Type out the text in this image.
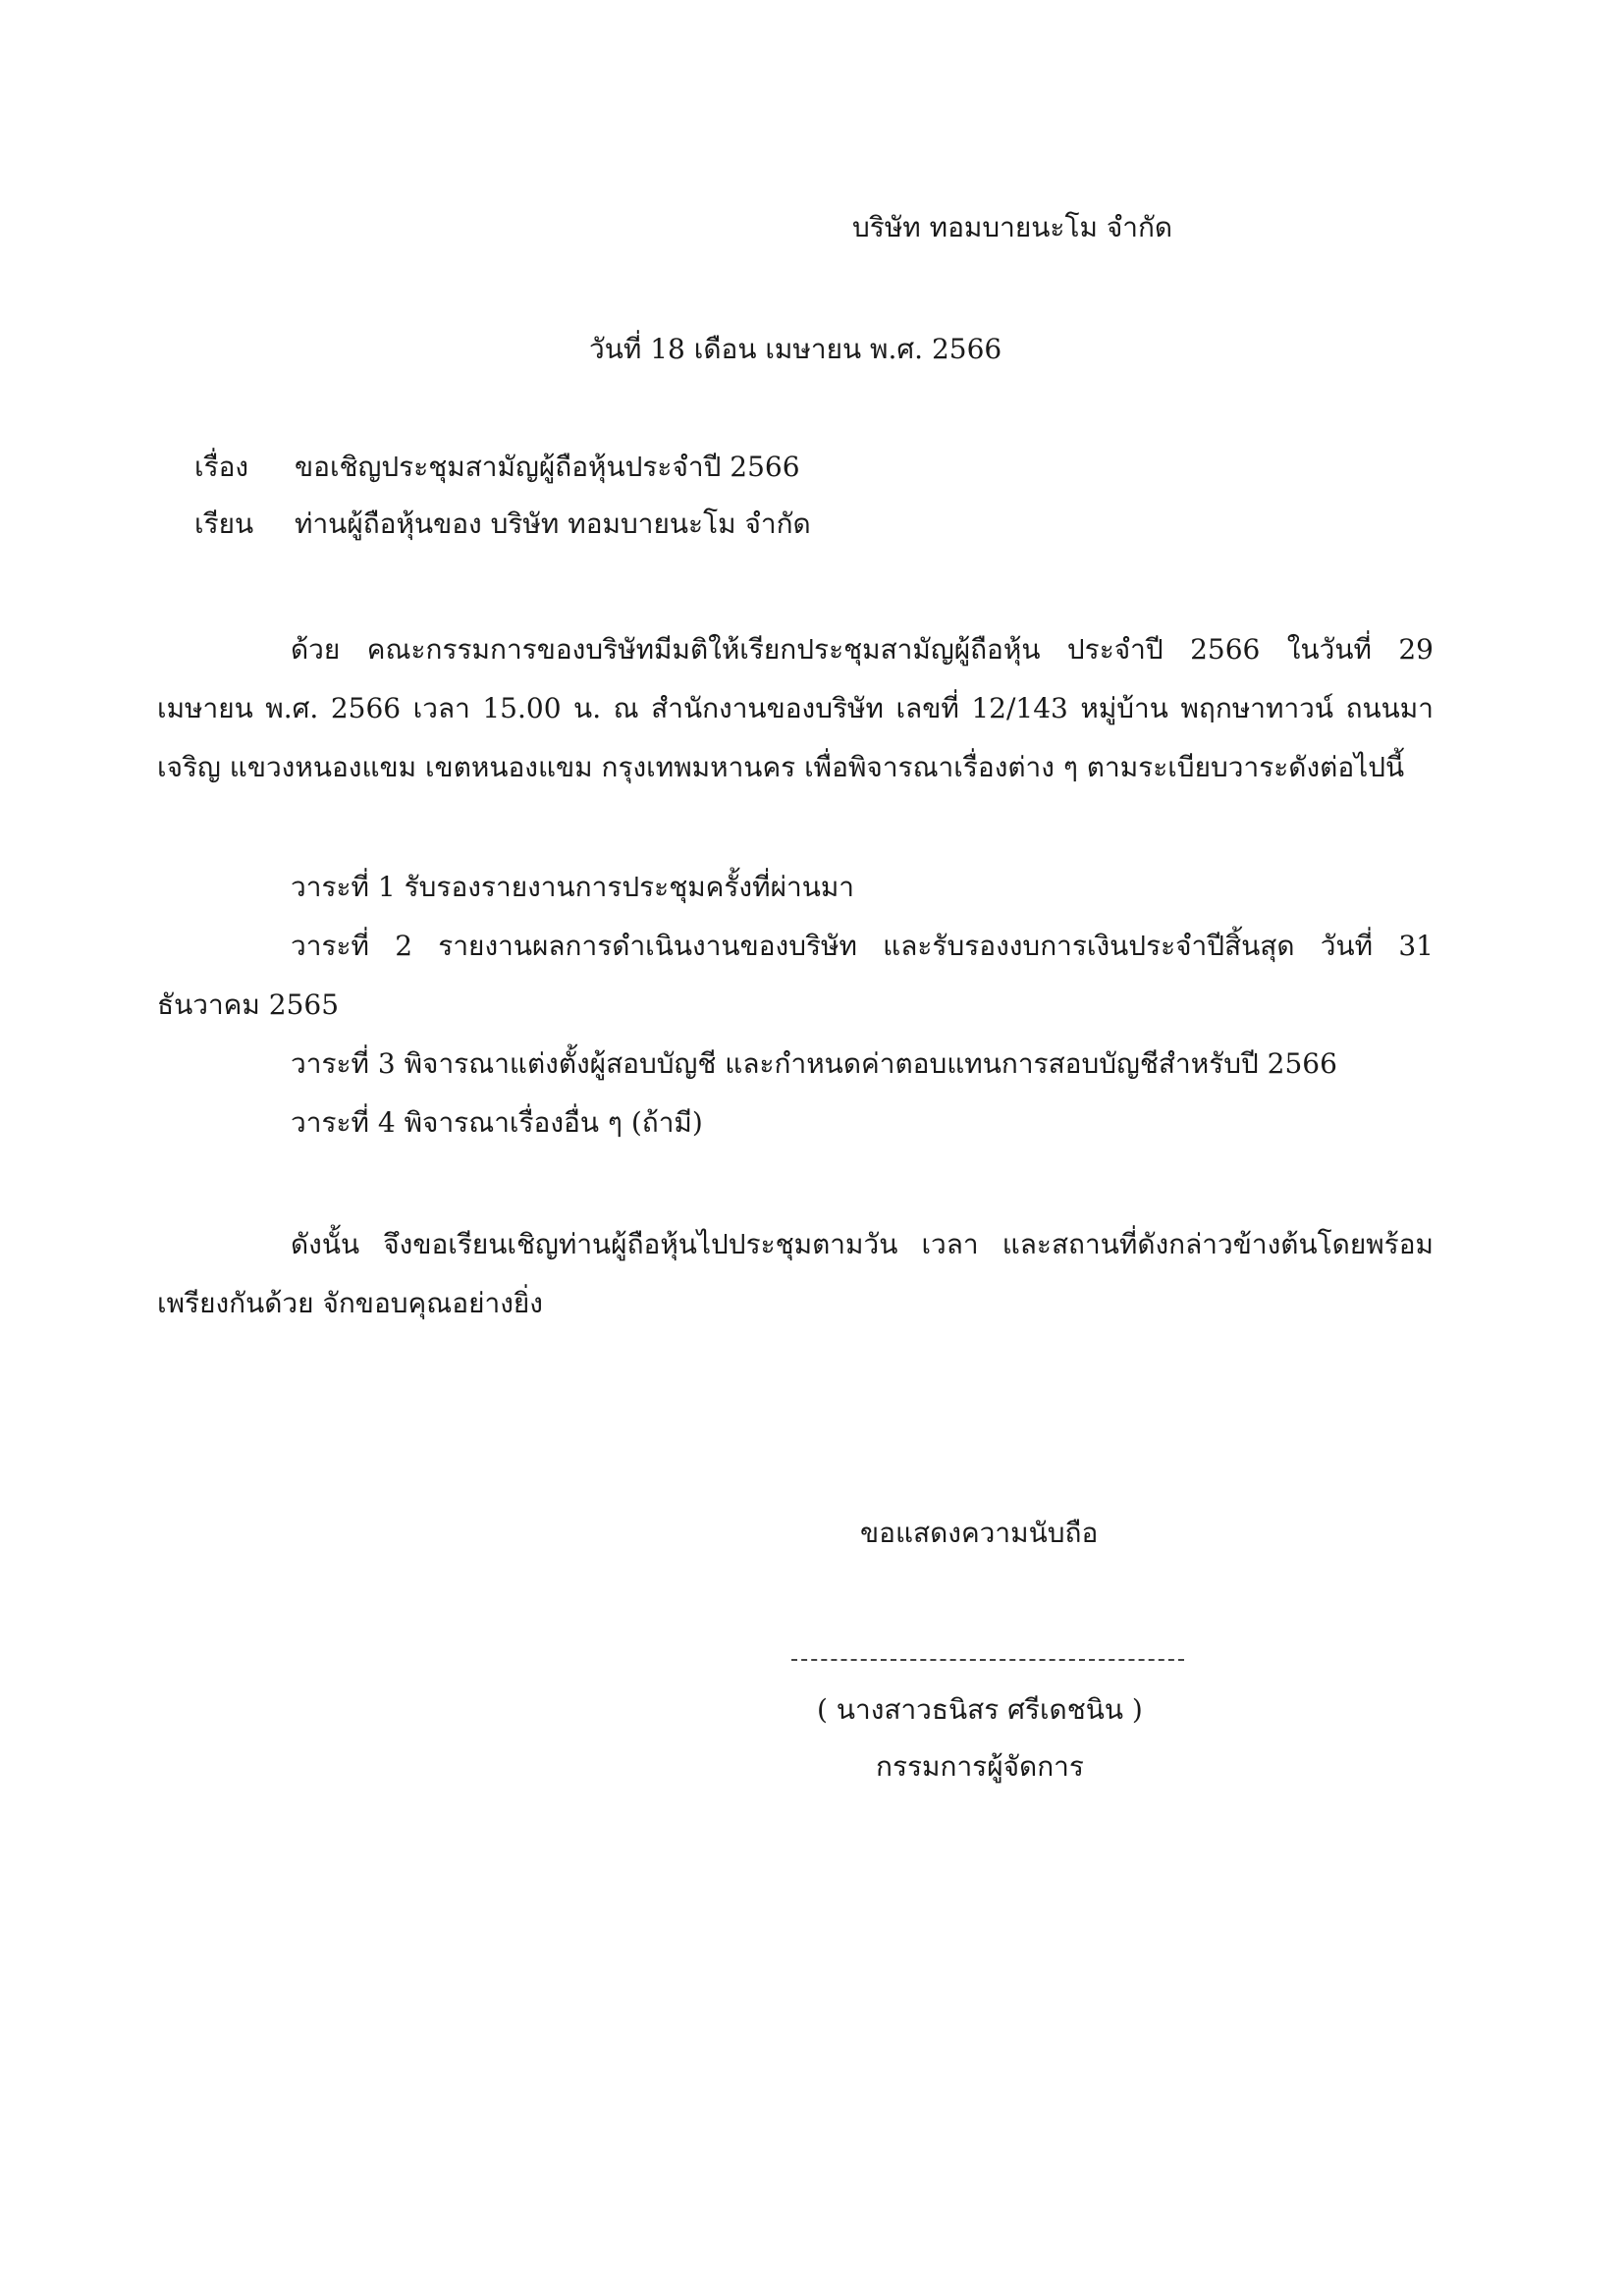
บริษัท ทอมบายนะโม จำกัด
วันที่ 18 เดือน เมษายน พ.ศ. 2566
เรื่อง ขอเชิญประชุมสามัญผู้ถือหุ้นประจำปี 2566
เรียน ท่านผู้ถือหุ้นของ บริษัท ทอมบายนะโม จำกัด

ด้วย คณะกรรมการของบริษัทมีมติให้เรียกประชุมสามัญผู้ถือหุ้น ประจำปี 2566 ในวันที่ 29 เมษายน พ.ศ. 2566 เวลา 15.00 น. ณ สำนักงานของบริษัท เลขที่ 12/143 หมู่บ้าน พฤกษาทาวน์ ถนนมาเจริญ แขวงหนองแขม เขตหนองแขม กรุงเทพมหานคร เพื่อพิจารณาเรื่องต่าง ๆ ตามระเบียบวาระดังต่อไปนี้

วาระที่ 1 รับรองรายงานการประชุมครั้งที่ผ่านมา

วาระที่ 2 รายงานผลการดำเนินงานของบริษัท และรับรองงบการเงินประจำปีสิ้นสุด วันที่ 31 ธันวาคม 2565

วาระที่ 3 พิจารณาแต่งตั้งผู้สอบบัญชี และกำหนดค่าตอบแทนการสอบบัญชีสำหรับปี 2566

วาระที่ 4 พิจารณาเรื่องอื่น ๆ (ถ้ามี)

ดังนั้น จึงขอเรียนเชิญท่านผู้ถือหุ้นไปประชุมตามวัน เวลา และสถานที่ดังกล่าวข้างต้นโดยพร้อมเพรียงกันด้วย จักขอบคุณอย่างยิ่ง

ขอแสดงความนับถือ
( นางสาวธนิสร ศรีเดชนิน )
กรรมการผู้จัดการ
